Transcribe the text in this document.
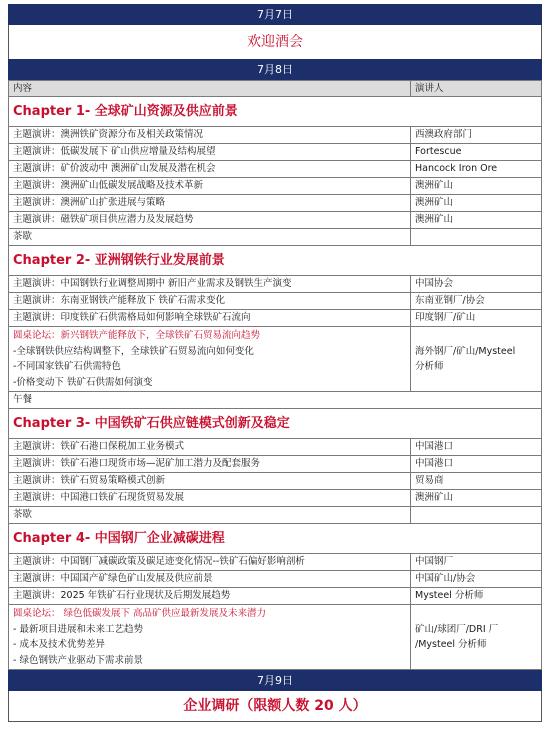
7月7日
欢迎酒会
7月8日
内容	演讲人
Chapter 1- 全球矿山资源及供应前景	
主题演讲：澳洲铁矿资源分布及相关政策情况	西澳政府部门
主题演讲：低碳发展下 矿山供应增量及结构展望	Fortescue
主题演讲：矿价波动中 澳洲矿山发展及潜在机会	Hancock Iron Ore
主题演讲：澳洲矿山低碳发展战略及技术革新	澳洲矿山
主题演讲：澳洲矿山扩张进展与策略	澳洲矿山
主题演讲：磁铁矿项目供应潜力及发展趋势	澳洲矿山
茶歇	
Chapter 2- 亚洲钢铁行业发展前景	
主题演讲：中国钢铁行业调整周期中 新旧产业需求及钢铁生产演变	中国协会
主题演讲：东南亚钢铁产能释放下 铁矿石需求变化	东南亚钢厂/协会
主题演讲：印度铁矿石供需格局如何影响全球铁矿石流向	印度钢厂/矿山

圆桌论坛：新兴钢铁产能释放下，全球铁矿石贸易流向趋势
-全球钢铁供应结构调整下，全球铁矿石贸易流向如何变化
-不同国家铁矿石供需特色
-价格变动下 铁矿石供需如何演变	海外钢厂/矿山/Mysteel
分析师

午餐	
Chapter 3- 中国铁矿石供应链模式创新及稳定	
主题演讲：铁矿石港口保税加工业务模式	中国港口
主题演讲：铁矿石港口现货市场—泥矿加工潜力及配套服务	中国港口
主题演讲：铁矿石贸易策略模式创新	贸易商
主题演讲：中国港口铁矿石现货贸易发展	澳洲矿山
茶歇	
Chapter 4- 中国钢厂企业减碳进程	
主题演讲：中国钢厂减碳政策及碳足迹变化情况--铁矿石偏好影响剖析	中国钢厂
主题演讲：中国国产矿绿色矿山发展及供应前景	中国矿山/协会
主题演讲：2025 年铁矿石行业现状及后期发展趋势	Mysteel 分析师

圆桌论坛： 绿色低碳发展下 高品矿供应最新发展及未来潜力
- 最新项目进展和未来工艺趋势
- 成本及技术优势差异
- 绿色钢铁产业驱动下需求前景	矿山/球团厂/DRI 厂
/Mysteel 分析师
7月9日
企业调研（限额人数 20 人）
